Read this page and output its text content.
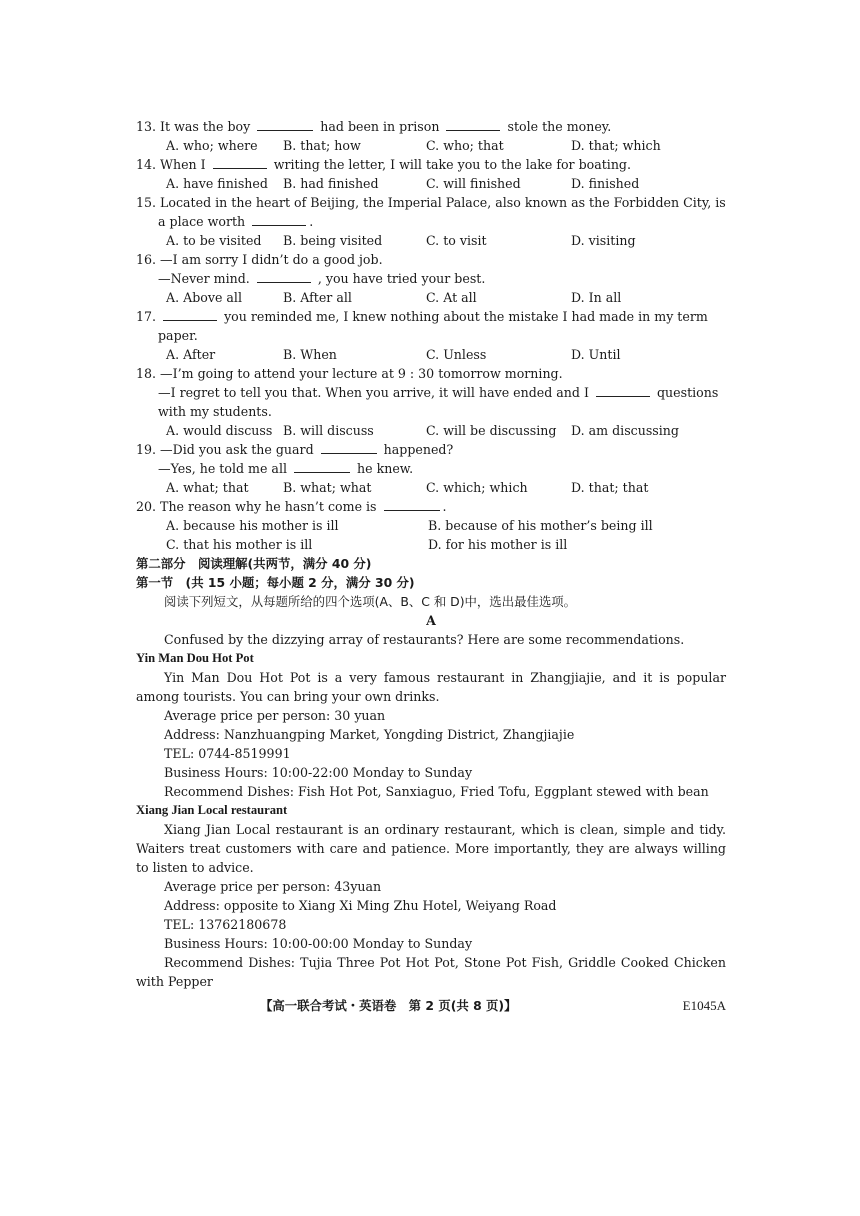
13. It was the boy	had been in prison	stole the money.
A. who; where	B. that; how	C. who; that	D. that; which
14. When I	writing the letter, I will take you to the lake for boating.
A. have finished	B. had finished	C. will finished	D. finished
15. Located in the heart of Beijing, the Imperial Palace, also known as the Forbidden City, is
a place worth	.
A. to be visited	B. being visited	C. to visit	D. visiting
16. —I am sorry I didn’t do a good job.
—Never mind.	, you have tried your best.
A. Above all	B. After all	C. At all	D. In all
17.	you reminded me, I knew nothing about the mistake I had made in my term
paper.
A. After	B. When	C. Unless	D. Until
18. —I’m going to attend your lecture at 9 : 30 tomorrow morning.
—I regret to tell you that. When you arrive, it will have ended and I	questions
with my students.
A. would discuss B. will discuss	C. will be discussing	D. am discussing
19. —Did you ask the guard	happened?
—Yes, he told me all	he knew.
A. what; that	B. what; what	C. which; which	D. that; that
20. The reason why he hasn’t come is	.
A. because his mother is ill	B. because of his mother’s being ill
C. that his mother is ill	D. for his mother is ill
第二部分　阅读理解(共两节，满分 40 分)
第一节　(共 15 小题；每小题 2 分，满分 30 分)
阅读下列短文，从每题所给的四个选项(A、B、C 和 D)中，选出最佳选项。
A
Confused by the dizzying array of restaurants? Here are some recommendations.
Yin Man Dou Hot Pot
Yin Man Dou Hot Pot is a very famous restaurant in Zhangjiajie, and it is popular among tourists. You can bring your own drinks.
Average price per person: 30 yuan
Address: Nanzhuangping Market, Yongding District, Zhangjiajie
TEL: 0744-8519991
Business Hours: 10:00-22:00 Monday to Sunday
Recommend Dishes: Fish Hot Pot, Sanxiaguo, Fried Tofu, Eggplant stewed with bean
Xiang Jian Local restaurant
Xiang Jian Local restaurant is an ordinary restaurant, which is clean, simple and tidy. Waiters treat customers with care and patience. More importantly, they are always willing to listen to advice.
Average price per person: 43yuan
Address: opposite to Xiang Xi Ming Zhu Hotel, Weiyang Road
TEL: 13762180678
Business Hours: 10:00-00:00 Monday to Sunday
Recommend Dishes: Tujia Three Pot Hot Pot, Stone Pot Fish, Griddle Cooked Chicken with Pepper
【高一联合考试・英语卷　第 2 页(共 8 页)】	E1045A
